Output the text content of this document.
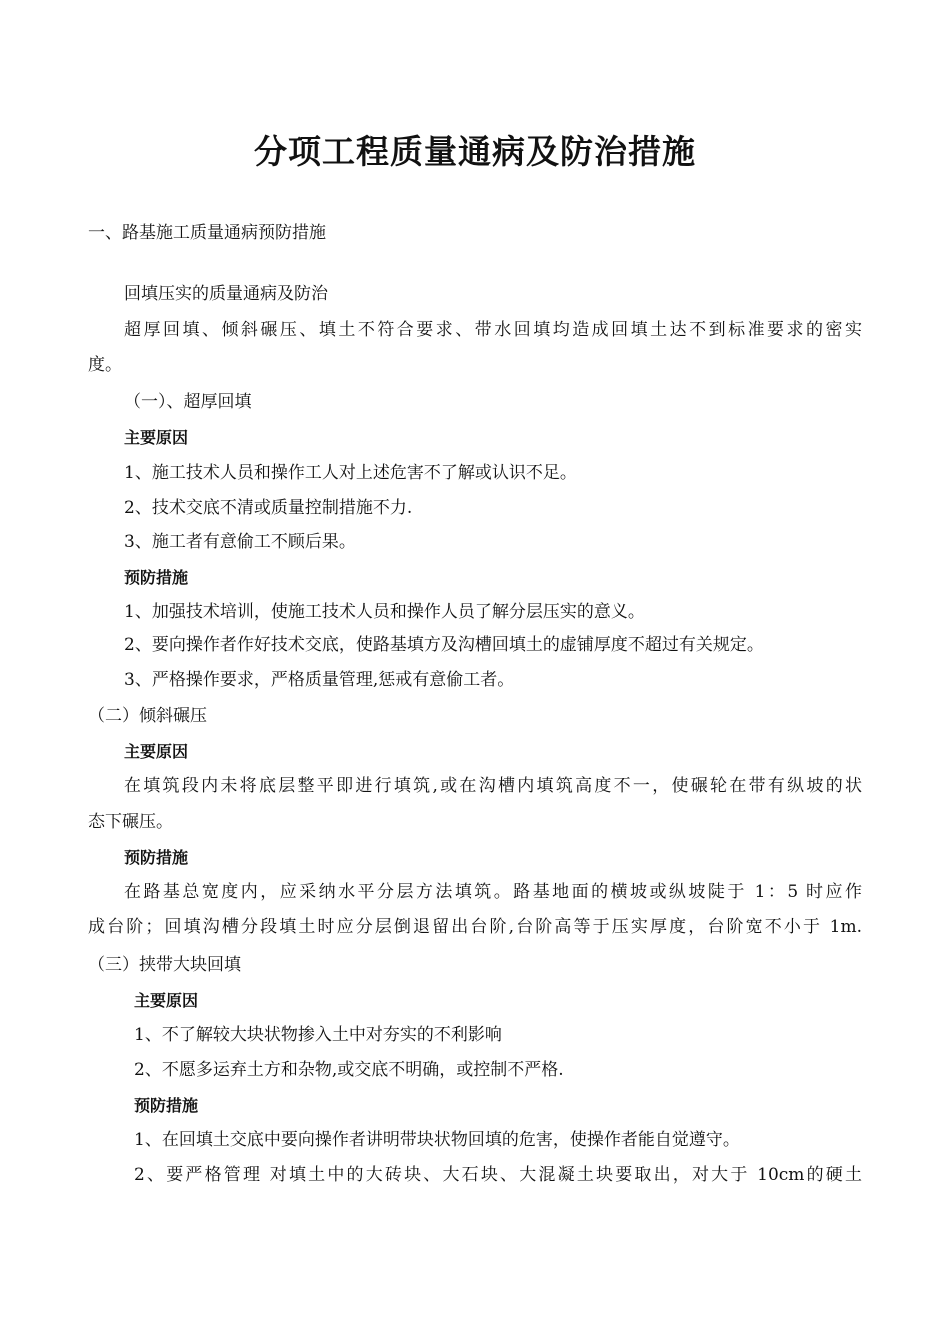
分项工程质量通病及防治措施
一、路基施工质量通病预防措施
回填压实的质量通病及防治
超厚回填、倾斜碾压、填土不符合要求、带水回填均造成回填土达不到标准要求的密实
度。
（一）、超厚回填
主要原因
1、施工技术人员和操作工人对上述危害不了解或认识不足。
2、技术交底不清或质量控制措施不力.
3、施工者有意偷工不顾后果。
预防措施
1、加强技术培训，使施工技术人员和操作人员了解分层压实的意义。
2、要向操作者作好技术交底，使路基填方及沟槽回填土的虚铺厚度不超过有关规定。
3、严格操作要求，严格质量管理,惩戒有意偷工者。
（二）倾斜碾压
主要原因
在填筑段内未将底层整平即进行填筑,或在沟槽内填筑高度不一，使碾轮在带有纵坡的状
态下碾压。
预防措施
在路基总宽度内，应采纳水平分层方法填筑。路基地面的横坡或纵坡陡于 1：5 时应作
成台阶；回填沟槽分段填土时应分层倒退留出台阶,台阶高等于压实厚度，台阶宽不小于 1m.
（三）挟带大块回填
主要原因
1、不了解较大块状物掺入土中对夯实的不利影响
2、不愿多运弃土方和杂物,或交底不明确，或控制不严格.
预防措施
1、在回填土交底中要向操作者讲明带块状物回填的危害，使操作者能自觉遵守。
2、要严格管理 对填土中的大砖块、大石块、大混凝土块要取出，对大于 10cm的硬土
